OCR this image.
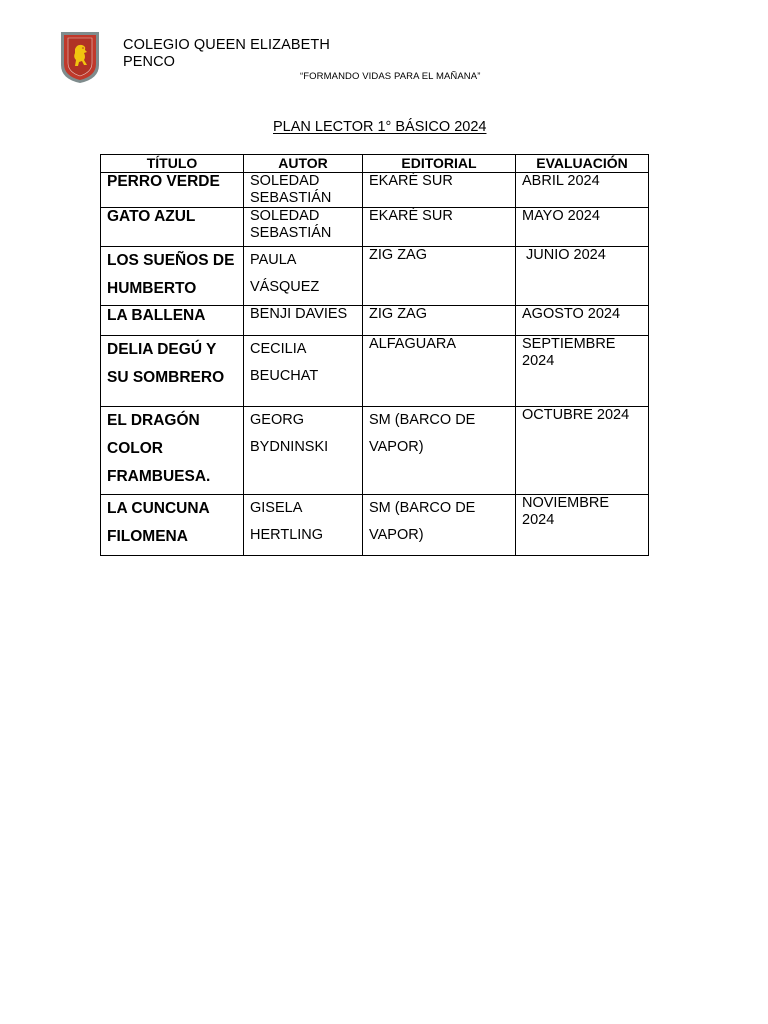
COLEGIO QUEEN ELIZABETH
PENCO
“FORMANDO VIDAS PARA EL MAÑANA”
PLAN LECTOR 1° BÁSICO 2024
TÍTULO	AUTOR	EDITORIAL	EVALUACIÓN
PERRO VERDE	SOLEDAD SEBASTIÁN	EKARÉ SUR	ABRIL 2024
GATO AZUL	SOLEDAD SEBASTIÁN	EKARÉ SUR	MAYO 2024
LOS SUEÑOS DE HUMBERTO	PAULA VÁSQUEZ	ZIG ZAG	JUNIO 2024
LA BALLENA	BENJI DAVIES	ZIG ZAG	AGOSTO 2024
DELIA DEGÚ Y SU SOMBRERO	CECILIA BEUCHAT	ALFAGUARA	SEPTIEMBRE 2024
EL DRAGÓN COLOR FRAMBUESA.	GEORG BYDNINSKI	SM (BARCO DE VAPOR)	OCTUBRE 2024
LA CUNCUNA FILOMENA	GISELA HERTLING	SM (BARCO DE VAPOR)	NOVIEMBRE 2024
